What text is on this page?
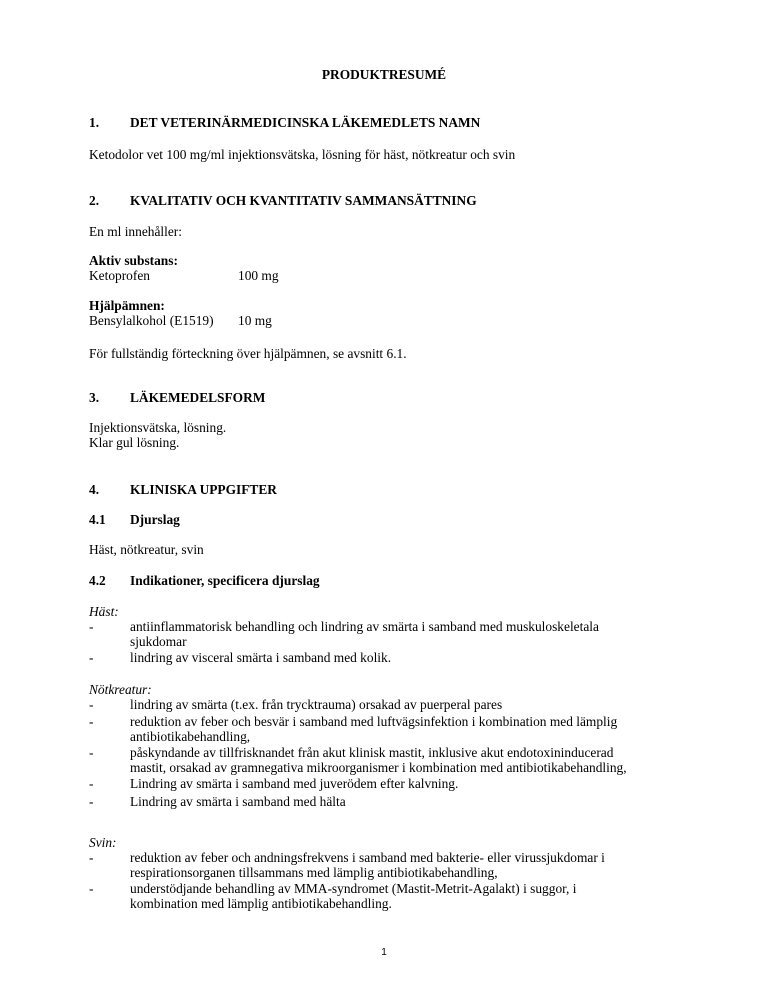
PRODUKTRESUMÉ
1. DET VETERINÄRMEDICINSKA LÄKEMEDLETS NAMN
Ketodolor vet 100 mg/ml injektionsvätska, lösning för häst, nötkreatur och svin
2. KVALITATIV OCH KVANTITATIV SAMMANSÄTTNING
En ml innehåller:
Aktiv substans:
Ketoprofen	100 mg
Hjälpämnen:
Bensylalkohol (E1519)	10 mg
För fullständig förteckning över hjälpämnen, se avsnitt 6.1.
3. LÄKEMEDELSFORM
Injektionsvätska, lösning.
Klar gul lösning.
4. KLINISKA UPPGIFTER
4.1 Djurslag
Häst, nötkreatur, svin
4.2 Indikationer, specificera djurslag
Häst:
-	antiinflammatorisk behandling och lindring av smärta i samband med muskuloskeletala
sjukdomar
-	lindring av visceral smärta i samband med kolik.
Nötkreatur:
-	lindring av smärta (t.ex. från trycktrauma) orsakad av puerperal pares
-	reduktion av feber och besvär i samband med luftvägsinfektion i kombination med lämplig
antibiotikabehandling,
-	påskyndande av tillfrisknandet från akut klinisk mastit, inklusive akut endotoxininducerad
mastit, orsakad av gramnegativa mikroorganismer i kombination med antibiotikabehandling,
-	Lindring av smärta i samband med juverödem efter kalvning.
-	Lindring av smärta i samband med hälta
Svin:
-	reduktion av feber och andningsfrekvens i samband med bakterie- eller virussjukdomar i
respirationsorganen tillsammans med lämplig antibiotikabehandling,
-	understödjande behandling av MMA-syndromet (Mastit-Metrit-Agalakt) i suggor, i
kombination med lämplig antibiotikabehandling.
1
